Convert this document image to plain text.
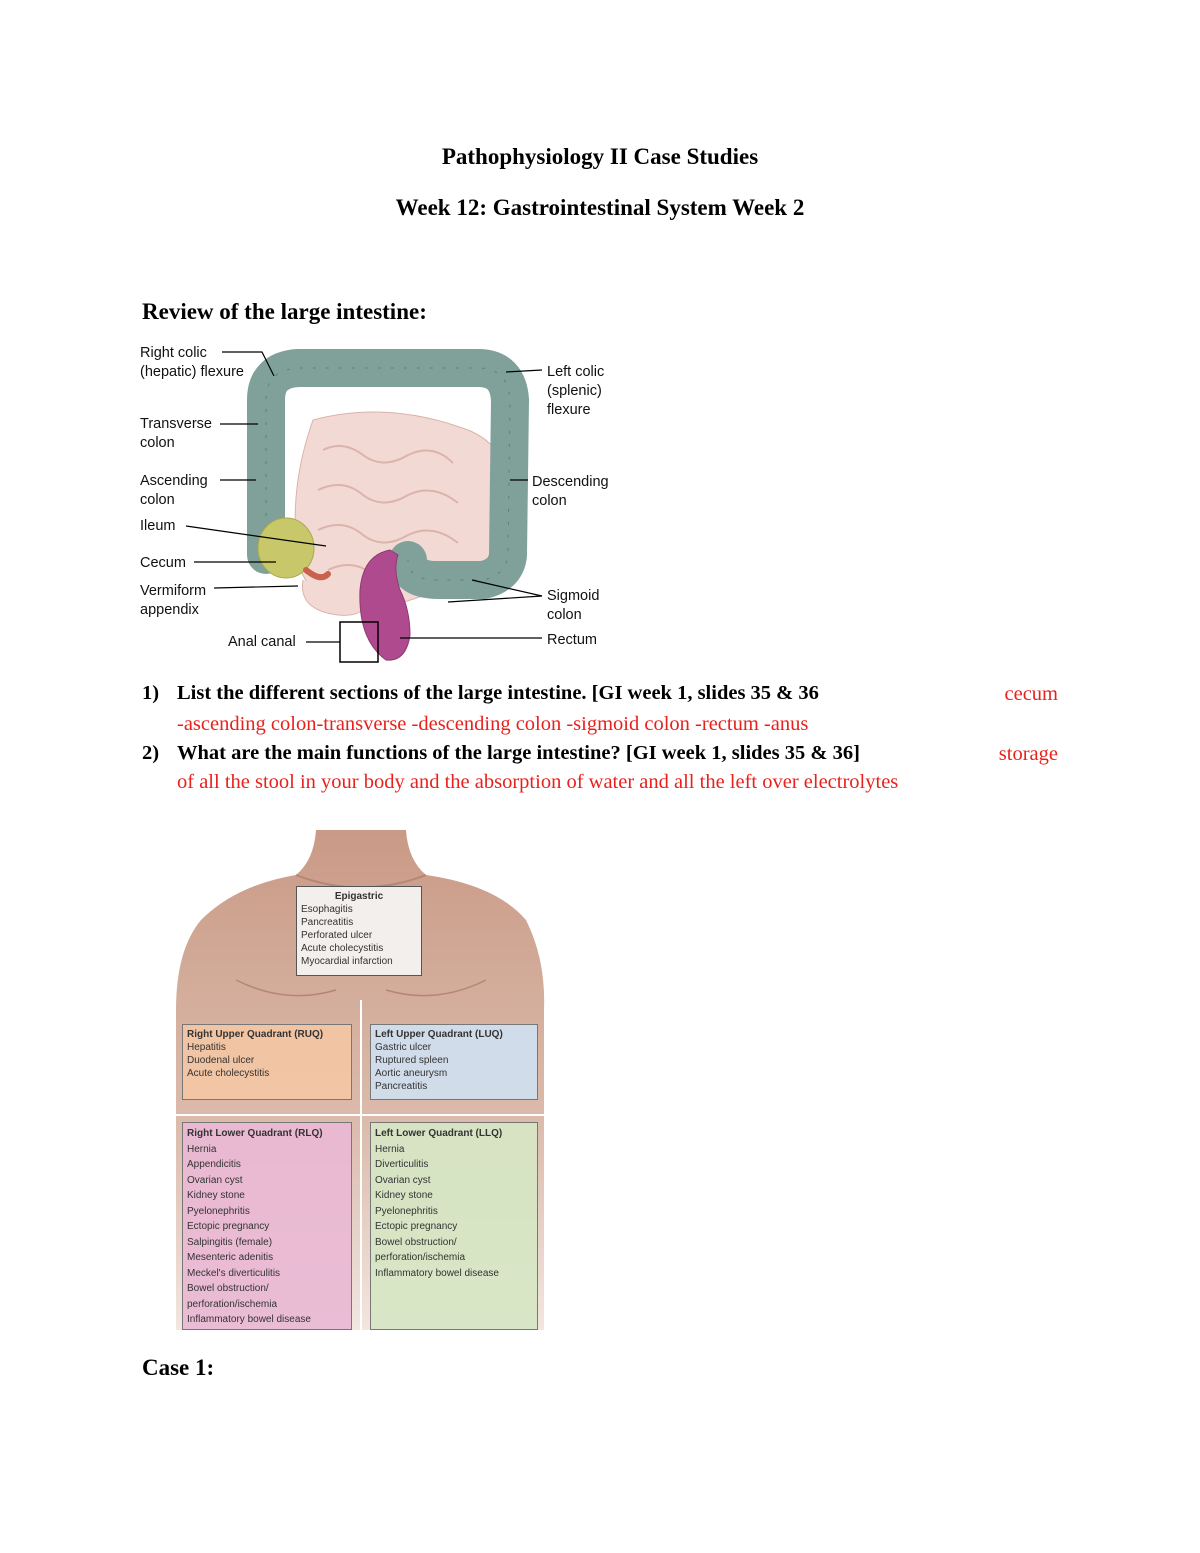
Pathophysiology II Case Studies
Week 12: Gastrointestinal System Week 2
Review of the large intestine:
Right colic
(hepatic) flexure
Transverse
colon
Ascending
colon
Ileum
Cecum
Vermiform
appendix
Anal canal
Left colic
(splenic)
flexure
Descending
colon
Sigmoid
colon
Rectum
1) List the different sections of the large intestine. [GI week 1, slides 35 & 36	cecum
-ascending colon-transverse -descending colon -sigmoid colon -rectum -anus
2) What are the main functions of the large intestine? [GI week 1, slides 35 & 36]	storage
of all the stool in your body and the absorption of water and all the left over electrolytes
Epigastric
Esophagitis
Pancreatitis
Perforated ulcer
Acute cholecystitis
Myocardial infarction
Right Upper Quadrant (RUQ)
Hepatitis
Duodenal ulcer
Acute cholecystitis
Left Upper Quadrant (LUQ)
Gastric ulcer
Ruptured spleen
Aortic aneurysm
Pancreatitis
Right Lower Quadrant (RLQ)
Hernia
Appendicitis
Ovarian cyst
Kidney stone
Pyelonephritis
Ectopic pregnancy
Salpingitis (female)
Mesenteric adenitis
Meckel's diverticulitis
Bowel obstruction/
perforation/ischemia
Inflammatory bowel disease
Left Lower Quadrant (LLQ)
Hernia
Diverticulitis
Ovarian cyst
Kidney stone
Pyelonephritis
Ectopic pregnancy
Bowel obstruction/
perforation/ischemia
Inflammatory bowel disease
Case 1:
